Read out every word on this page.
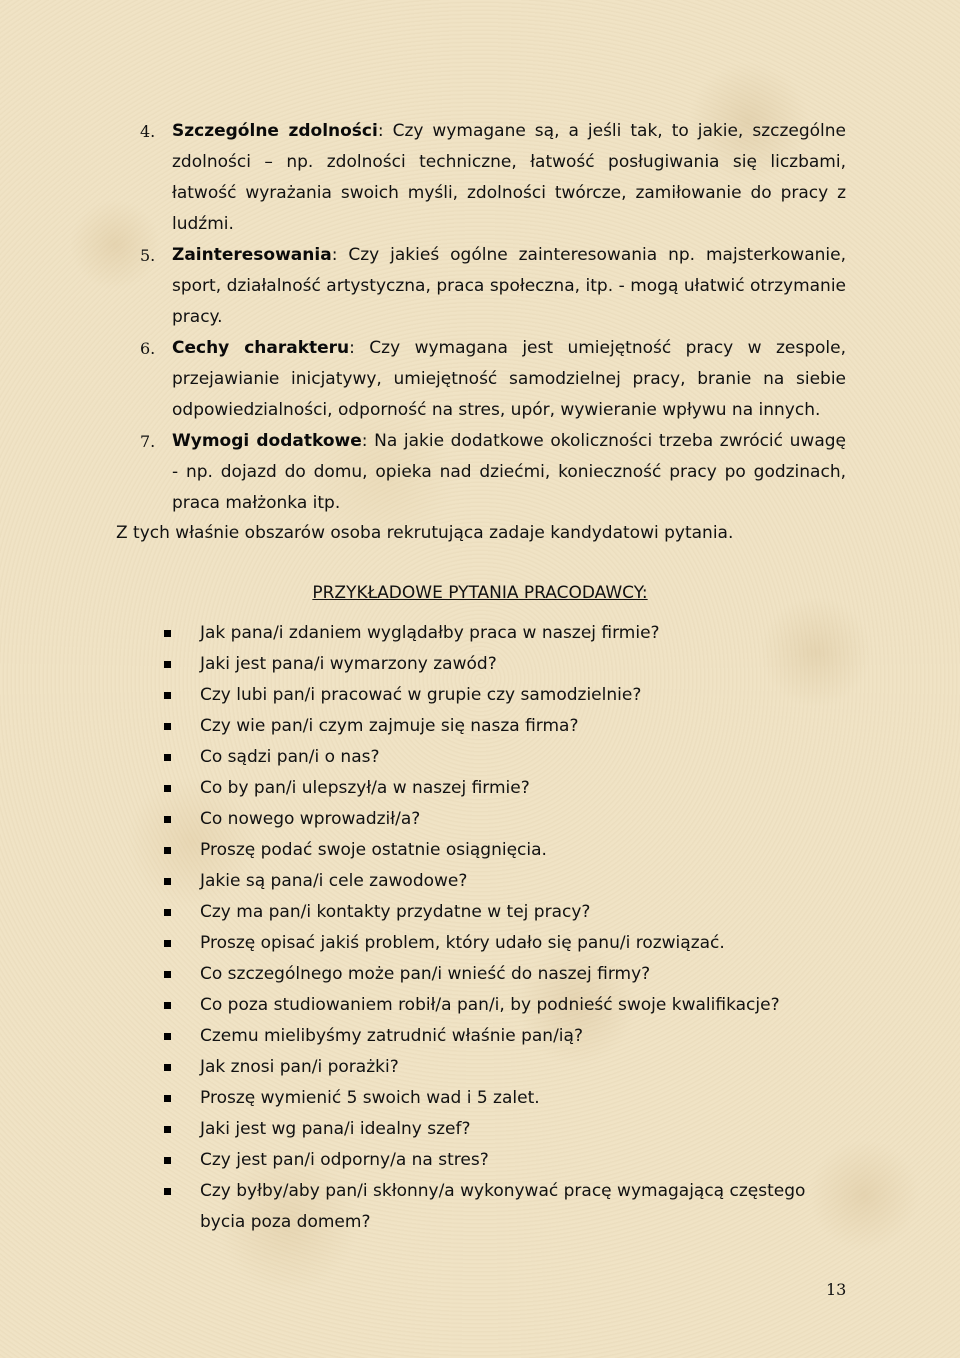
4. Szczególne zdolności: Czy wymagane są, a jeśli tak, to jakie, szczególne zdolności – np. zdolności techniczne, łatwość posługiwania się liczbami, łatwość wyrażania swoich myśli, zdolności twórcze, zamiłowanie do pracy z ludźmi.
5. Zainteresowania: Czy jakieś ogólne zainteresowania np. majsterkowanie, sport, działalność artystyczna, praca społeczna, itp. - mogą ułatwić otrzymanie pracy.
6. Cechy charakteru: Czy wymagana jest umiejętność pracy w zespole, przejawianie inicjatywy, umiejętność samodzielnej pracy, branie na siebie odpowiedzialności, odporność na stres, upór, wywieranie wpływu na innych.
7. Wymogi dodatkowe: Na jakie dodatkowe okoliczności trzeba zwrócić uwagę - np. dojazd do domu, opieka nad dziećmi, konieczność pracy po godzinach, praca małżonka itp.

Z tych właśnie obszarów osoba rekrutująca zadaje kandydatowi pytania.

PRZYKŁADOWE PYTANIA PRACODAWCY:

Jak pana/i zdaniem wyglądałby praca w naszej firmie?
Jaki jest pana/i wymarzony zawód?
Czy lubi pan/i pracować w grupie czy samodzielnie?
Czy wie pan/i czym zajmuje się nasza firma?
Co sądzi pan/i o nas?
Co by pan/i ulepszył/a w naszej firmie?
Co nowego wprowadził/a?
Proszę podać swoje ostatnie osiągnięcia.
Jakie są pana/i cele zawodowe?
Czy ma pan/i kontakty przydatne w tej pracy?
Proszę opisać jakiś problem, który udało się panu/i rozwiązać.
Co szczególnego może pan/i wnieść do naszej firmy?
Co poza studiowaniem robił/a pan/i, by podnieść swoje kwalifikacje?
Czemu mielibyśmy zatrudnić właśnie pan/ią?
Jak znosi pan/i porażki?
Proszę wymienić 5 swoich wad i 5 zalet.
Jaki jest wg pana/i idealny szef?
Czy jest pan/i odporny/a na stres?
Czy byłby/aby pan/i skłonny/a wykonywać pracę wymagającą częstego bycia poza domem?

13
